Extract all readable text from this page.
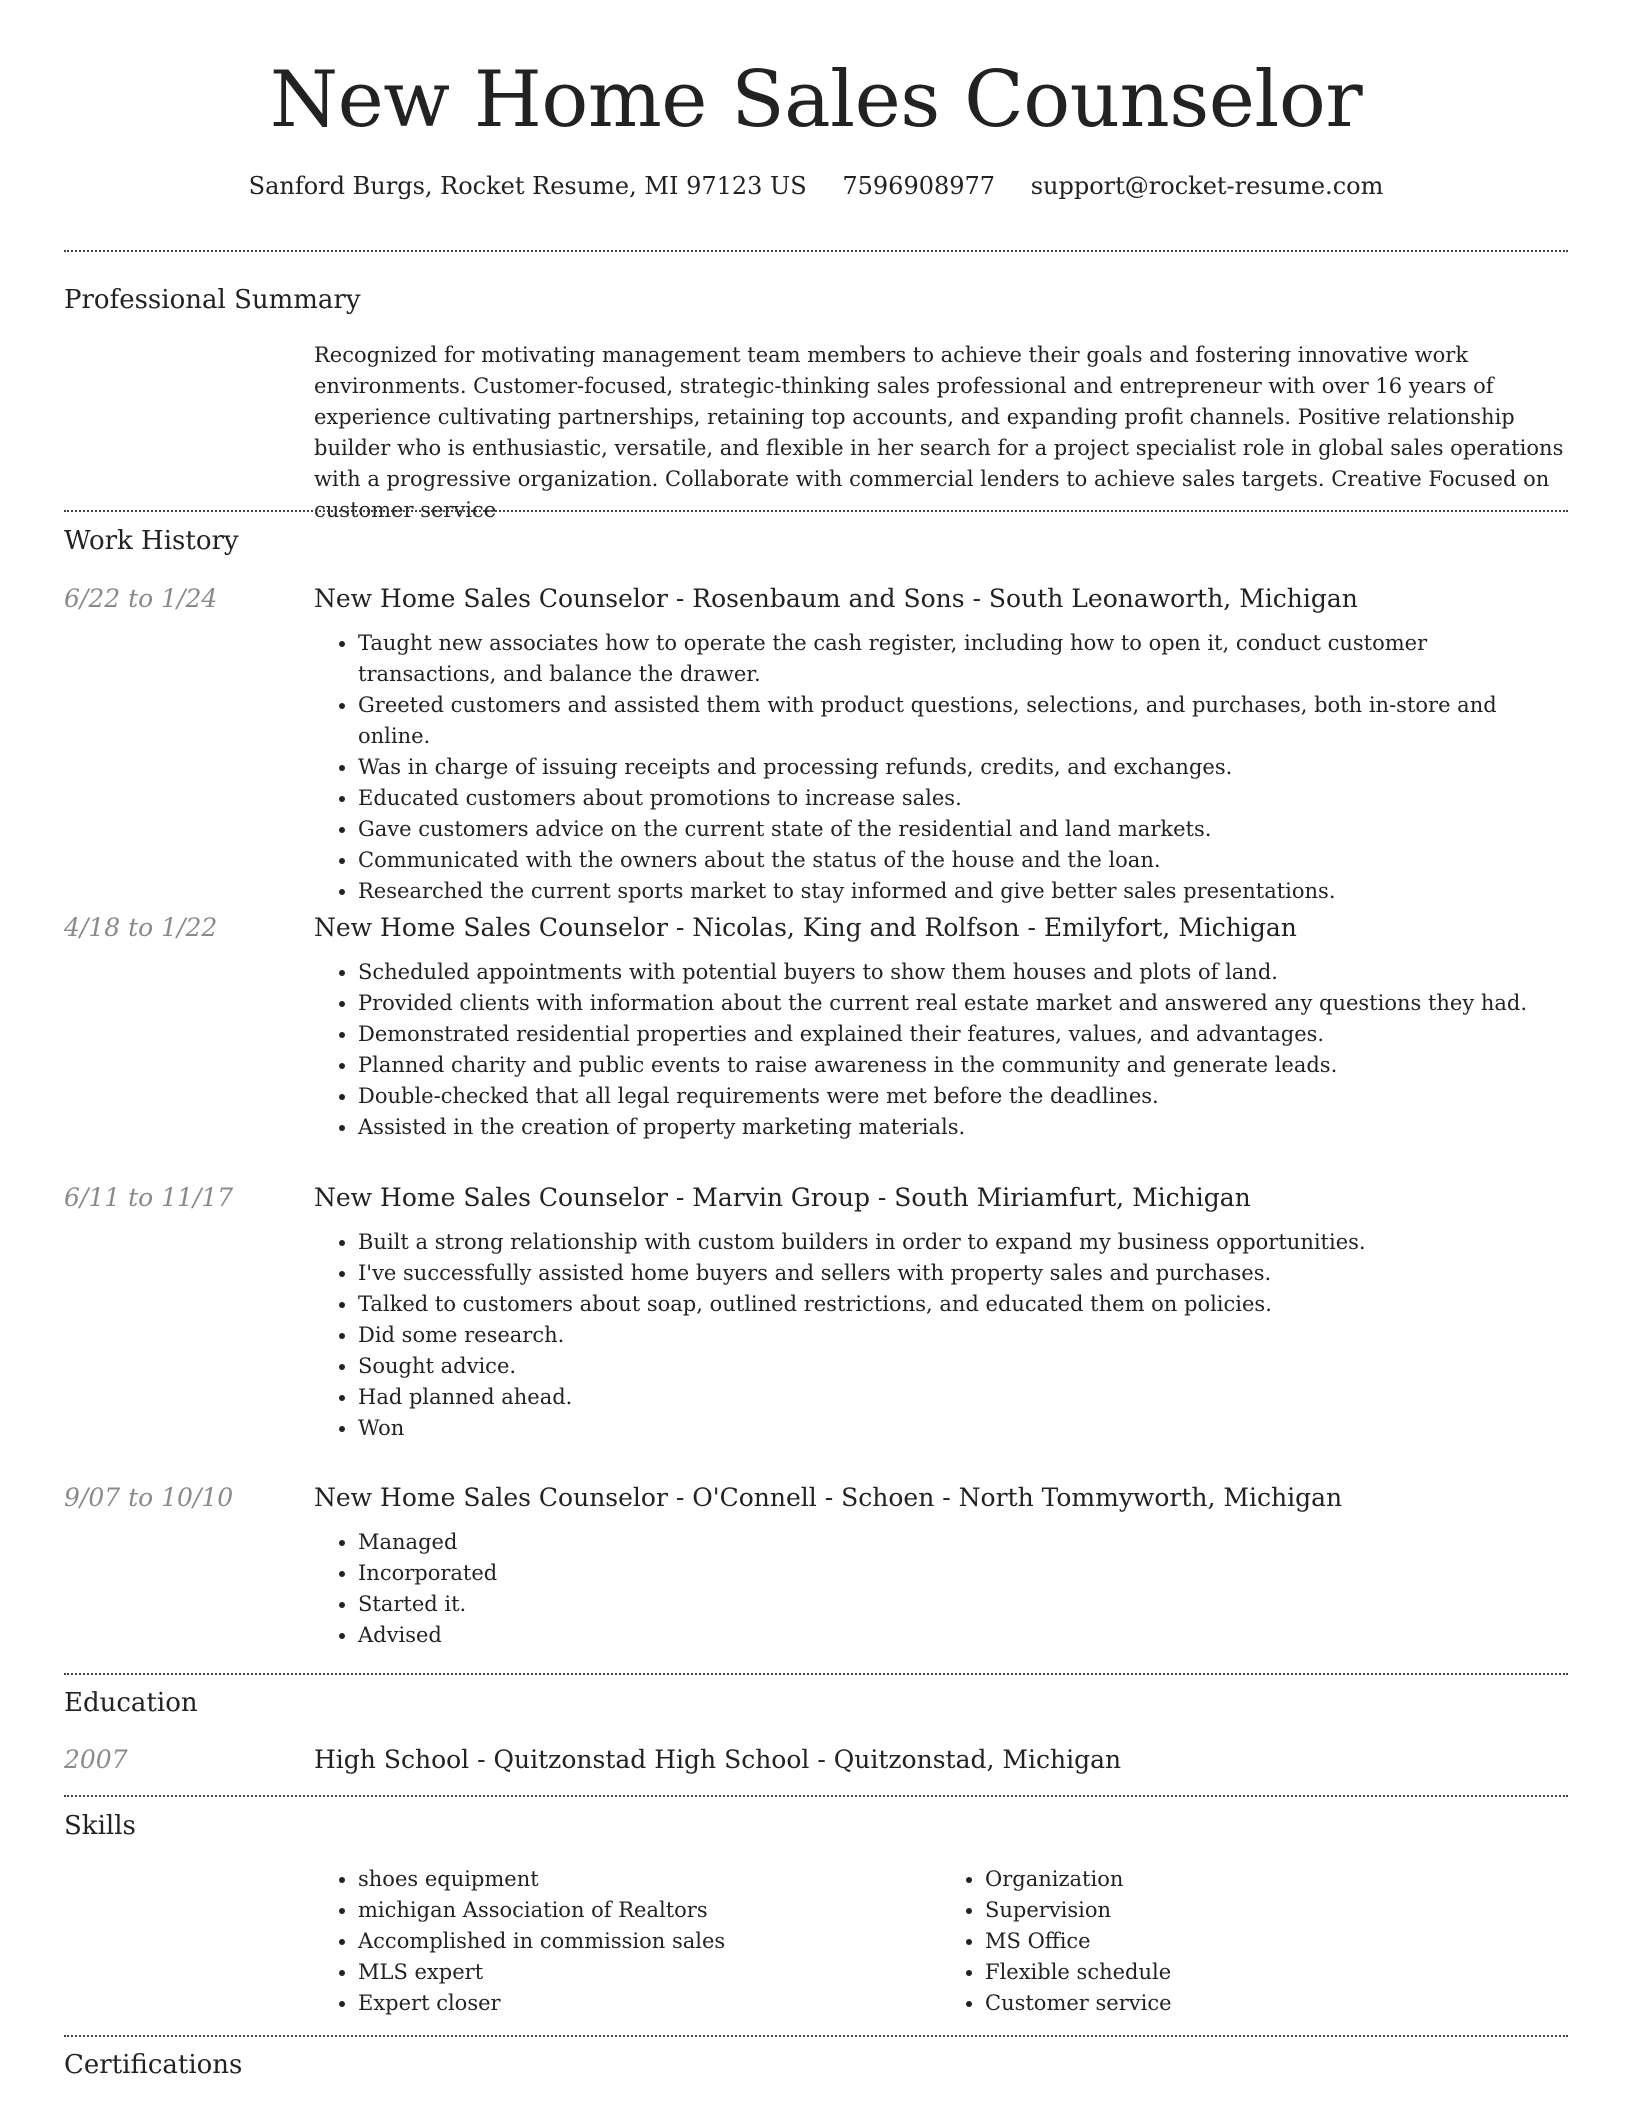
New Home Sales Counselor
Sanford Burgs, Rocket Resume, MI 97123 US 7596908977 support@rocket-resume.com
Professional Summary

Recognized for motivating management team members to achieve their goals and fostering innovative work environments. Customer-focused, strategic-thinking sales professional and entrepreneur with over 16 years of experience cultivating partnerships, retaining top accounts, and expanding profit channels. Positive relationship builder who is enthusiastic, versatile, and flexible in her search for a project specialist role in global sales operations with a progressive organization. Collaborate with commercial lenders to achieve sales targets. Creative Focused on customer service

Work History
6/22 to 1/24	New Home Sales Counselor - Rosenbaum and Sons - South Leonaworth, Michigan

• Taught new associates how to operate the cash register, including how to open it, conduct customer transactions, and balance the drawer.
• Greeted customers and assisted them with product questions, selections, and purchases, both in-store and online.
• Was in charge of issuing receipts and processing refunds, credits, and exchanges.
• Educated customers about promotions to increase sales.
• Gave customers advice on the current state of the residential and land markets.
• Communicated with the owners about the status of the house and the loan.
• Researched the current sports market to stay informed and give better sales presentations.
4/18 to 1/22	New Home Sales Counselor - Nicolas, King and Rolfson - Emilyfort, Michigan

• Scheduled appointments with potential buyers to show them houses and plots of land.
• Provided clients with information about the current real estate market and answered any questions they had.
• Demonstrated residential properties and explained their features, values, and advantages.
• Planned charity and public events to raise awareness in the community and generate leads.
• Double-checked that all legal requirements were met before the deadlines.
• Assisted in the creation of property marketing materials.
6/11 to 11/17	New Home Sales Counselor - Marvin Group - South Miriamfurt, Michigan

• Built a strong relationship with custom builders in order to expand my business opportunities.
• I've successfully assisted home buyers and sellers with property sales and purchases.
• Talked to customers about soap, outlined restrictions, and educated them on policies.
• Did some research.
• Sought advice.
• Had planned ahead.
• Won
9/07 to 10/10	New Home Sales Counselor - O'Connell - Schoen - North Tommyworth, Michigan

• Managed
• Incorporated
• Started it.
• Advised
Education
2007	High School - Quitzonstad High School - Quitzonstad, Michigan

Skills
• shoes equipment
• michigan Association of Realtors
• Accomplished in commission sales
• MLS expert
• Expert closer
• Organization
• Supervision
• MS Office
• Flexible schedule
• Customer service
Certifications
